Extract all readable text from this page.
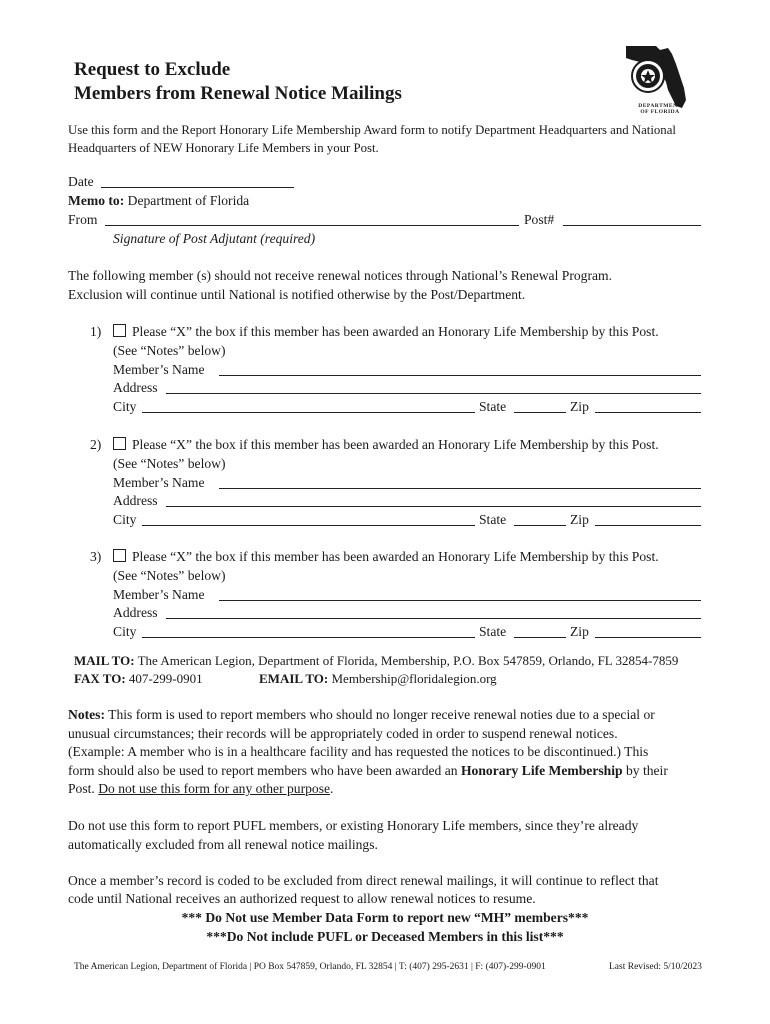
Request to Exclude
Members from Renewal Notice Mailings
DEPARTMENT
OF FLORIDA
Use this form and the Report Honorary Life Membership Award form to notify Department Headquarters and National
Headquarters of NEW Honorary Life Members in your Post.
Date
Memo to: Department of Florida
From	Post#
Signature of Post Adjutant (required)
The following member (s) should not receive renewal notices through National’s Renewal Program.
Exclusion will continue until National is notified otherwise by the Post/Department.
1) Please “X” the box if this member has been awarded an Honorary Life Membership by this Post.
(See “Notes” below)
Member’s Name
Address
City	State	Zip
2) Please “X” the box if this member has been awarded an Honorary Life Membership by this Post.
(See “Notes” below)
Member’s Name
Address
City	State	Zip
3) Please “X” the box if this member has been awarded an Honorary Life Membership by this Post.
(See “Notes” below)
Member’s Name
Address
City	State	Zip
MAIL TO: The American Legion, Department of Florida, Membership, P.O. Box 547859, Orlando, FL 32854-7859
FAX TO: 407-299-0901	EMAIL TO: Membership@floridalegion.org
Notes: This form is used to report members who should no longer receive renewal noties due to a special or
unusual circumstances; their records will be appropriately coded in order to suspend renewal notices.
(Example: A member who is in a healthcare facility and has requested the notices to be discontinued.) This
form should also be used to report members who have been awarded an Honorary Life Membership by their
Post. Do not use this form for any other purpose.
Do not use this form to report PUFL members, or existing Honorary Life members, since they’re already
automatically excluded from all renewal notice mailings.
Once a member’s record is coded to be excluded from direct renewal mailings, it will continue to reflect that
code until National receives an authorized request to allow renewal notices to resume.
*** Do Not use Member Data Form to report new “MH” members***
***Do Not include PUFL or Deceased Members in this list***
The American Legion, Department of Florida | PO Box 547859, Orlando, FL 32854 | T: (407) 295-2631 | F: (407)-299-0901	Last Revised: 5/10/2023
